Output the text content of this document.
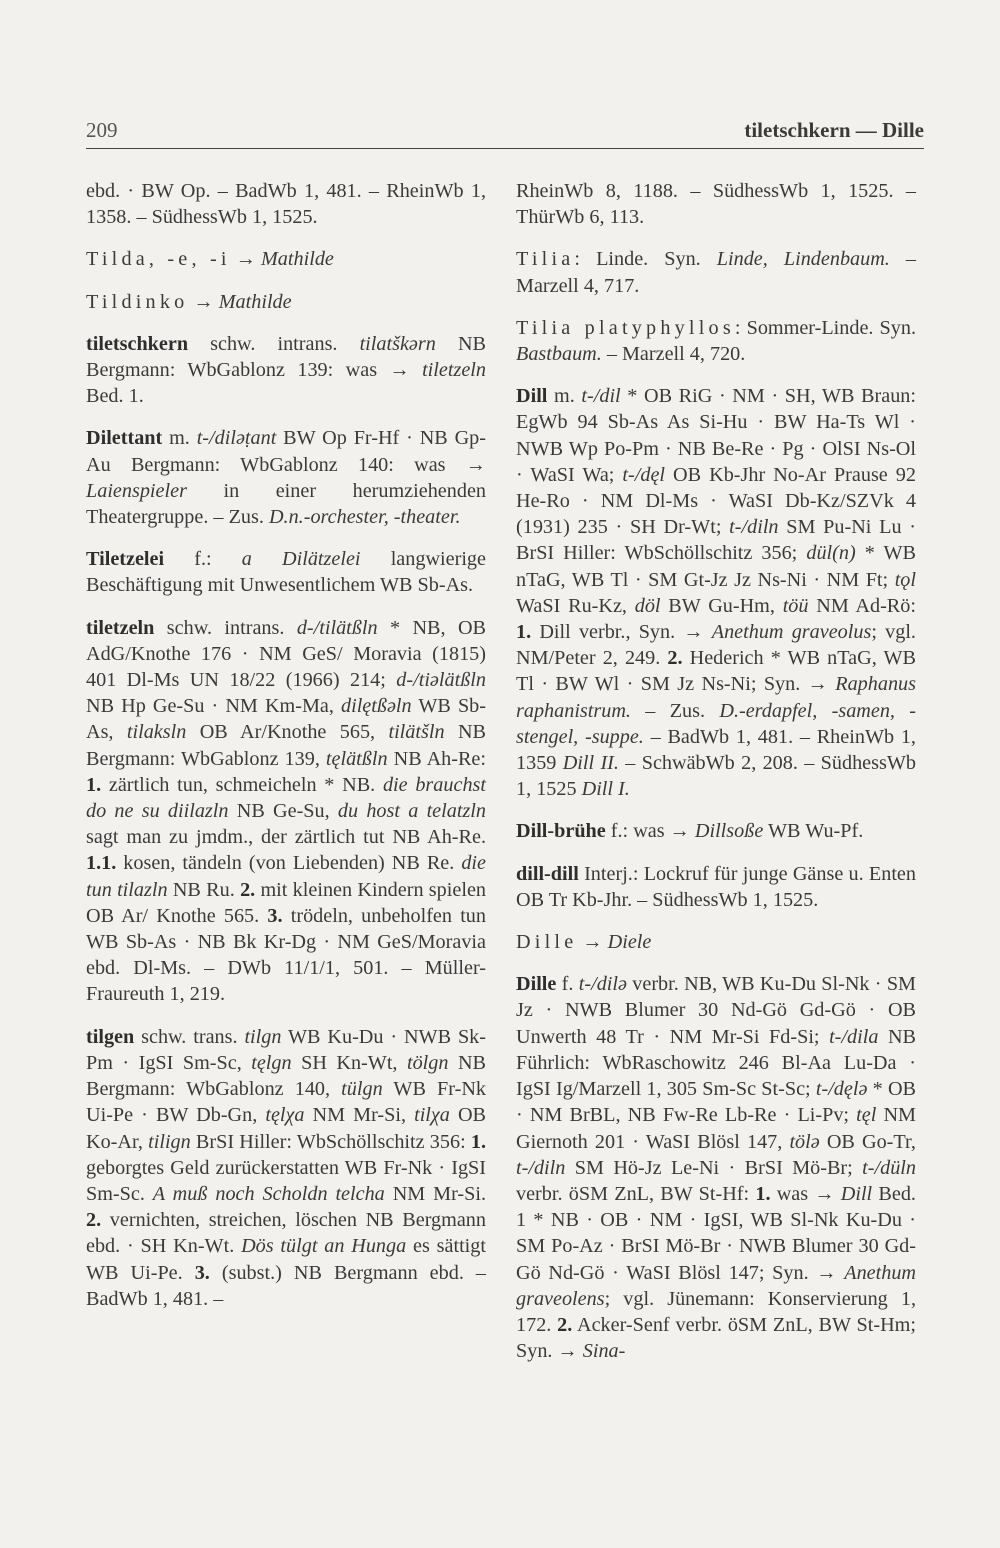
209	tiletschkern — Dille

ebd. · BW Op. – BadWb 1, 481. – RheinWb 1, 1358. – SüdhessWb 1, 1525.

Tilda, -e, -i → Mathilde

Tildinko → Mathilde

tiletschkern schw. intrans. tilatškərn NB Bergmann: WbGablonz 139: was → tiletzeln Bed. 1.

Dilettant m. t-/diləṭant BW Op Fr-Hf · NB Gp-Au Bergmann: WbGablonz 140: was → Laienspieler in einer herumziehenden Theatergruppe. – Zus. D.n.-orchester, -theater.

Tiletzelei f.: a Dilätzelei langwierige Beschäftigung mit Unwesentlichem WB Sb-As.

tiletzeln schw. intrans. d-/tilätßln * NB, OB AdG/Knothe 176 · NM GeS/ Moravia (1815) 401 Dl-Ms UN 18/22 (1966) 214; d-/tiəlätßln NB Hp Ge-Su · NM Km-Ma, dilętßəln WB Sb-As, tilaksln OB Ar/Knothe 565, tilätšln NB Bergmann: WbGablonz 139, tęlätßln NB Ah-Re: 1. zärtlich tun, schmeicheln * NB. die brauchst do ne su diilazln NB Ge-Su, du host a telatzln sagt man zu jmdm., der zärtlich tut NB Ah-Re. 1.1. kosen, tändeln (von Liebenden) NB Re. die tun tilazln NB Ru. 2. mit kleinen Kindern spielen OB Ar/ Knothe 565. 3. trödeln, unbeholfen tun WB Sb-As · NB Bk Kr-Dg · NM GeS/Moravia ebd. Dl-Ms. – DWb 11/1/1, 501. – Müller-Fraureuth 1, 219.

tilgen schw. trans. tilgn WB Ku-Du · NWB Sk-Pm · IgSI Sm-Sc, tęlgn SH Kn-Wt, tölgn NB Bergmann: WbGablonz 140, tülgn WB Fr-Nk Ui-Pe · BW Db-Gn, tęlχa NM Mr-Si, tilχa OB Ko-Ar, tilign BrSI Hiller: WbSchöllschitz 356: 1. geborgtes Geld zurückerstatten WB Fr-Nk · IgSI Sm-Sc. A muß noch Scholdn telcha NM Mr-Si. 2. vernichten, streichen, löschen NB Bergmann ebd. · SH Kn-Wt. Dös tülgt an Hunga es sättigt WB Ui-Pe. 3. (subst.) NB Bergmann ebd. – BadWb 1, 481. –

RheinWb 8, 1188. – SüdhessWb 1, 1525. – ThürWb 6, 113.

Tilia: Linde. Syn. Linde, Lindenbaum. – Marzell 4, 717.

Tilia platyphyllos: Sommer-Linde. Syn. Bastbaum. – Marzell 4, 720.

Dill m. t-/dil * OB RiG · NM · SH, WB Braun: EgWb 94 Sb-As As Si-Hu · BW Ha-Ts Wl · NWB Wp Po-Pm · NB Be-Re · Pg · OlSI Ns-Ol · WaSI Wa; t-/dęl OB Kb-Jhr No-Ar Prause 92 He-Ro · NM Dl-Ms · WaSI Db-Kz/SZVk 4 (1931) 235 · SH Dr-Wt; t-/diln SM Pu-Ni Lu · BrSI Hiller: WbSchöllschitz 356; dül(n) * WB nTaG, WB Tl · SM Gt-Jz Jz Ns-Ni · NM Ft; tǫl WaSI Ru-Kz, döl BW Gu-Hm, töü NM Ad-Rö: 1. Dill verbr., Syn. → Anethum graveolus; vgl. NM/Peter 2, 249. 2. Hederich * WB nTaG, WB Tl · BW Wl · SM Jz Ns-Ni; Syn. → Raphanus raphanistrum. – Zus. D.-erdapfel, -samen, -stengel, -suppe. – BadWb 1, 481. – RheinWb 1, 1359 Dill II. – SchwäbWb 2, 208. – SüdhessWb 1, 1525 Dill I.

Dill-brühe f.: was → Dillsoße WB Wu-Pf.

dill-dill Interj.: Lockruf für junge Gänse u. Enten OB Tr Kb-Jhr. – SüdhessWb 1, 1525.

Dille → Diele

Dille f. t-/dilə verbr. NB, WB Ku-Du Sl-Nk · SM Jz · NWB Blumer 30 Nd-Gö Gd-Gö · OB Unwerth 48 Tr · NM Mr-Si Fd-Si; t-/dila NB Führlich: WbRaschowitz 246 Bl-Aa Lu-Da · IgSI Ig/Marzell 1, 305 Sm-Sc St-Sc; t-/dęlə * OB · NM BrBL, NB Fw-Re Lb-Re · Li-Pv; tęl NM Giernoth 201 · WaSI Blösl 147, tölə OB Go-Tr, t-/diln SM Hö-Jz Le-Ni · BrSI Mö-Br; t-/düln verbr. öSM ZnL, BW St-Hf: 1. was → Dill Bed. 1 * NB · OB · NM · IgSI, WB Sl-Nk Ku-Du · SM Po-Az · BrSI Mö-Br · NWB Blumer 30 Gd-Gö Nd-Gö · WaSI Blösl 147; Syn. → Anethum graveolens; vgl. Jünemann: Konservierung 1, 172. 2. Acker-Senf verbr. öSM ZnL, BW St-Hm; Syn. → Sina-
